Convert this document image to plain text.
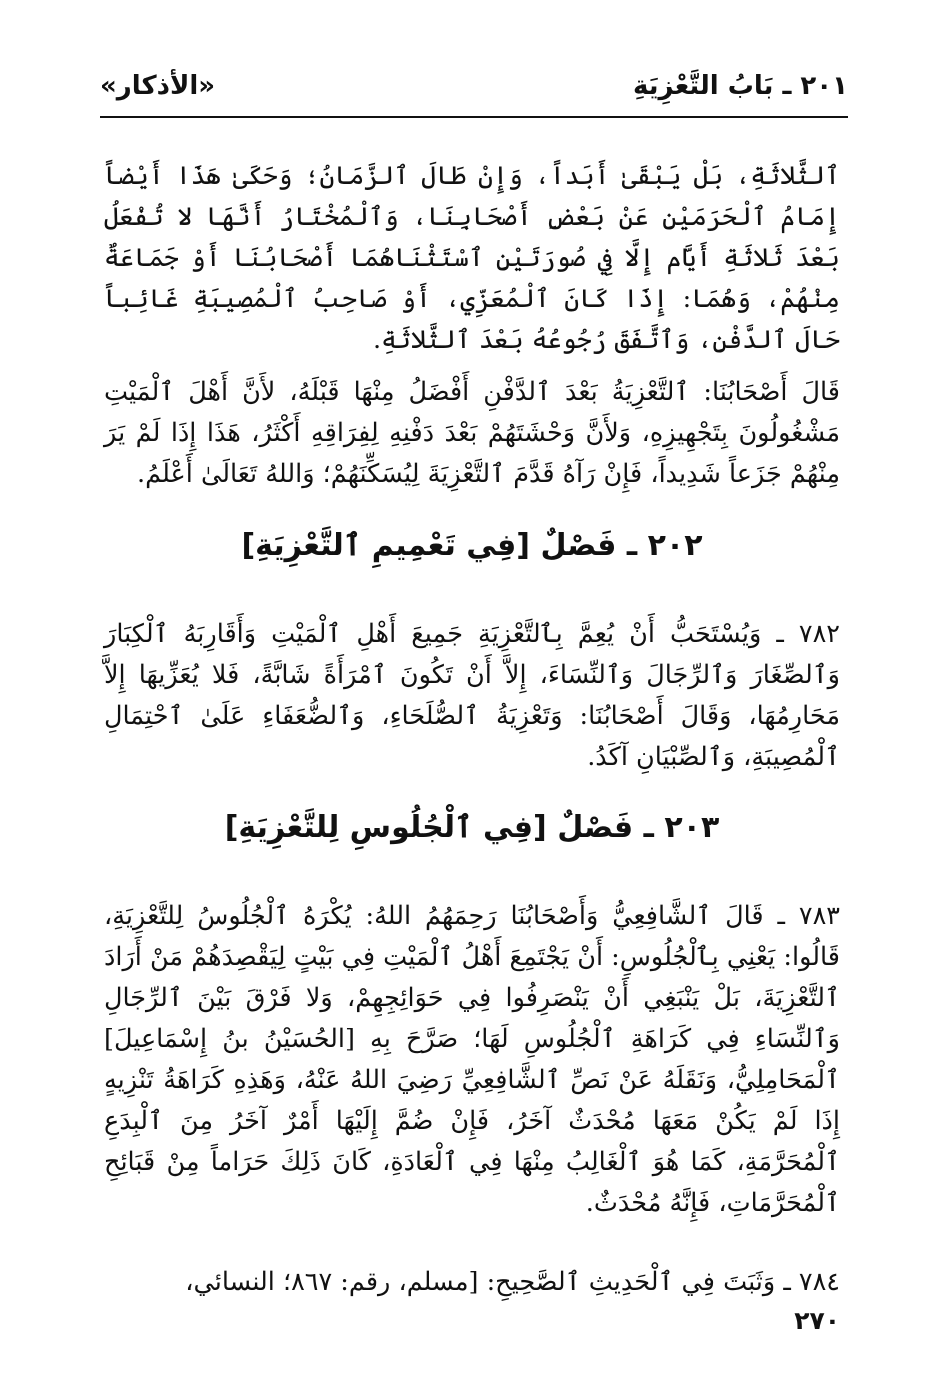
٢٠١ ـ بَابُ التَّعْزِيَةِ
«الأذكار»

ٱلثَّلاثَةِ، بَلْ يَبْقَىٰ أَبَداً، وَإِنْ طَالَ ٱلزَّمَانُ؛ وَحَكَىٰ هَذَا أَيْضاً إِمَامُ ٱلْحَرَمَيْنِ عَنْ بَعْضِ أَصْحَابِنَا، وَٱلْمُخْتَارُ أَنَّهَا لا تُفْعَلُ بَعْدَ ثَلاثَةِ أَيَّام إِلَّا فِي صُورَتَيْنِ ٱسْتَثْنَاهُمَا أَصْحَابُنَا أَوْ جَمَاعَةٌ مِنْهُمْ، وَهُمَا: إِذَا كَانَ ٱلْمُعَزِّي، أَوْ صَاحِبُ ٱلْمُصِيبَةِ غَائِباً حَالَ ٱلدَّفْنِ، وَٱتَّفَقَ رُجُوعُهُ بَعْدَ ٱلثَّلاثَةِ.

قَالَ أَصْحَابُنَا: ٱلتَّعْزِيَةُ بَعْدَ ٱلدَّفْنِ أَفْضَلُ مِنْهَا قَبْلَهُ، لأَنَّ أَهْلَ ٱلْمَيْتِ مَشْغُولُونَ بِتَجْهِيزِهِ، وَلأَنَّ وَحْشَتَهُمْ بَعْدَ دَفْنِهِ لِفِرَاقِهِ أَكْثَرُ، هَذَا إِذَا لَمْ يَرَ مِنْهُمْ جَزَعاً شَدِيداً، فَإِنْ رَآهُ قَدَّمَ ٱلتَّعْزِيَةَ لِيُسَكِّنَهُمْ؛ وَاللهُ تَعَالَىٰ أَعْلَمُ.

٢٠٢ ـ فَصْلٌ [فِي تَعْمِيمِ ٱلتَّعْزِيَةِ]

٧٨٢ ـ وَيُسْتَحَبُّ أَنْ يُعِمَّ بِٱلتَّعْزِيَةِ جَمِيعَ أَهْلِ ٱلْمَيْتِ وَأَقَارِبَهُ ٱلْكِبَارَ وَٱلصِّغَارَ وَٱلرِّجَالَ وَٱلنِّسَاءَ، إِلاَّ أَنْ تَكُونَ ٱمْرَأَةً شَابَّةً، فَلا يُعَزِّيهَا إِلاَّ مَحَارِمُهَا، وَقَالَ أَصْحَابُنَا: وَتَعْزِيَةُ ٱلصُّلَحَاءِ، وَٱلضُّعَفَاءِ عَلَىٰ ٱحْتِمَالِ ٱلْمُصِيبَةِ، وَٱلصِّبْيَانِ آكَدُ.

٢٠٣ ـ فَصْلٌ [فِي ٱلْجُلُوسِ لِلتَّعْزِيَةِ]

٧٨٣ ـ قَالَ ٱلشَّافِعِيُّ وَأَصْحَابُنَا رَحِمَهُمُ اللهُ: يُكْرَهُ ٱلْجُلُوسُ لِلتَّعْزِيَةِ، قَالُوا: يَعْنِي بِٱلْجُلُوسِ: أَنْ يَجْتَمِعَ أَهْلُ ٱلْمَيْتِ فِي بَيْتٍ لِيَقْصِدَهُمْ مَنْ أَرَادَ ٱلتَّعْزِيَةَ، بَلْ يَنْبَغِي أَنْ يَنْصَرِفُوا فِي حَوَائِجِهِمْ، وَلا فَرْقَ بَيْنَ ٱلرِّجَالِ وَٱلنِّسَاءِ فِي كَرَاهَةِ ٱلْجُلُوسِ لَهَا؛ صَرَّحَ بِهِ [الحُسَيْنُ بنُ إِسْمَاعِيلَ] ٱلْمَحَامِلِيُّ، وَنَقَلَهُ عَنْ نَصِّ ٱلشَّافِعِيِّ رَضِيَ اللهُ عَنْهُ، وَهَذِهِ كَرَاهَةُ تَنْزِيهٍ إِذَا لَمْ يَكُنْ مَعَهَا مُحْدَثٌ آخَرُ، فَإِنْ ضُمَّ إِلَيْهَا أَمْرٌ آخَرُ مِنَ ٱلْبِدَعِ ٱلْمُحَرَّمَةِ، كَمَا هُوَ ٱلْغَالِبُ مِنْهَا فِي ٱلْعَادَةِ، كَانَ ذَلِكَ حَرَاماً مِنْ قَبَائِحِ ٱلْمُحَرَّمَاتِ، فَإِنَّهُ مُحْدَثٌ.

٧٨٤ ـ وَثَبَتَ فِي ٱلْحَدِيثِ ٱلصَّحِيحِ: [مسلم، رقم: ٨٦٧؛ النسائي،

٢٧٠
